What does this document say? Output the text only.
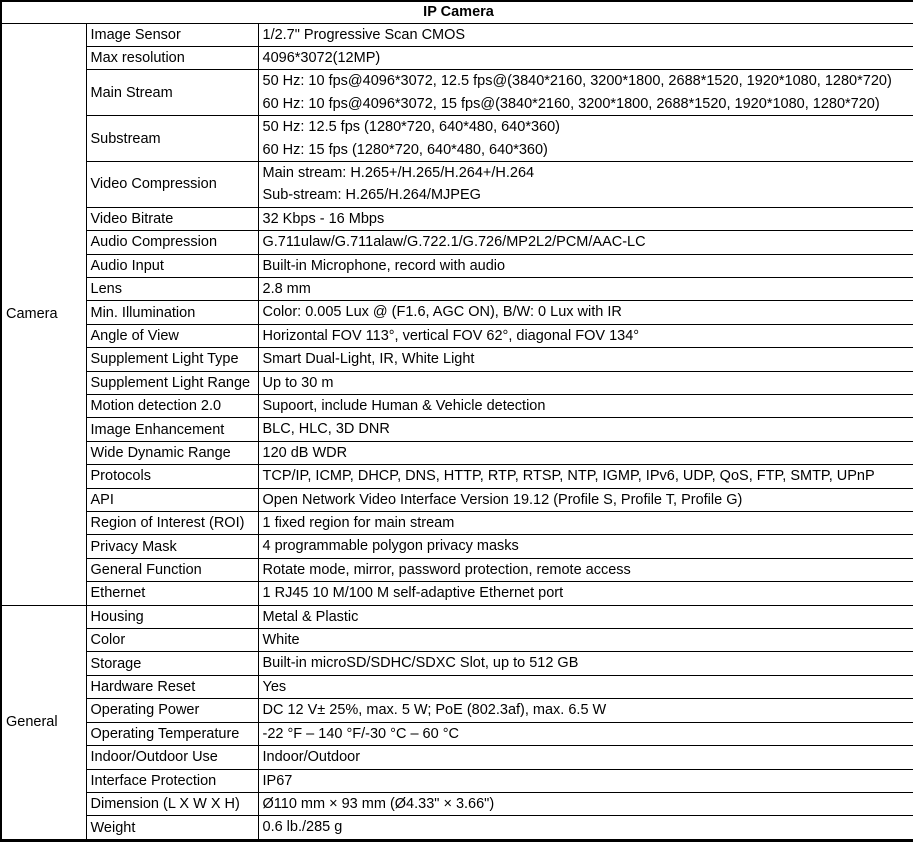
IP Camera		
Camera	Image Sensor	1/2.7" Progressive Scan CMOS

	Max resolution	4096*3072(12MP)

	Main Stream	50 Hz: 10 fps@4096*3072, 12.5 fps@(3840*2160, 3200*1800, 2688*1520, 1920*1080, 1280*720)
60 Hz: 10 fps@4096*3072, 15 fps@(3840*2160, 3200*1800, 2688*1520, 1920*1080, 1280*720)

	Substream	50 Hz: 12.5 fps (1280*720, 640*480, 640*360)
60 Hz: 15 fps (1280*720, 640*480, 640*360)

	Video Compression	Main stream: H.265+/H.265/H.264+/H.264
Sub-stream: H.265/H.264/MJPEG

	Video Bitrate	32 Kbps - 16 Mbps

	Audio Compression	G.711ulaw/G.711alaw/G.722.1/G.726/MP2L2/PCM/AAC-LC

	Audio Input	Built-in Microphone, record with audio

	Lens	2.8 mm

	Min. Illumination	Color: 0.005 Lux @ (F1.6, AGC ON), B/W: 0 Lux with IR

	Angle of View	Horizontal FOV 113°, vertical FOV 62°, diagonal FOV 134°

	Supplement Light Type	Smart Dual-Light, IR, White Light

	Supplement Light Range	Up to 30 m

	Motion detection 2.0	Supoort, include Human & Vehicle detection

	Image Enhancement	BLC, HLC, 3D DNR

	Wide Dynamic Range	120 dB WDR

	Protocols	TCP/IP, ICMP, DHCP, DNS, HTTP, RTP, RTSP, NTP, IGMP, IPv6, UDP, QoS, FTP, SMTP, UPnP

	API	Open Network Video Interface Version 19.12 (Profile S, Profile T, Profile G)

	Region of Interest (ROI)	1 fixed region for main stream

	Privacy Mask	4 programmable polygon privacy masks

	General Function	Rotate mode, mirror, password protection, remote access

	Ethernet	1 RJ45 10 M/100 M self-adaptive Ethernet port

General	Housing	Metal & Plastic

	Color	White

	Storage	Built-in microSD/SDHC/SDXC Slot, up to 512 GB

	Hardware Reset	Yes

	Operating Power	DC 12 V± 25%, max. 5 W; PoE (802.3af), max. 6.5 W

	Operating Temperature	-22 °F – 140 °F/-30 °C – 60 °C

	Indoor/Outdoor Use	Indoor/Outdoor

	Interface Protection	IP67

	Dimension (L X W X H)	Ø110 mm × 93 mm (Ø4.33" × 3.66")

	Weight	0.6 lb./285 g
